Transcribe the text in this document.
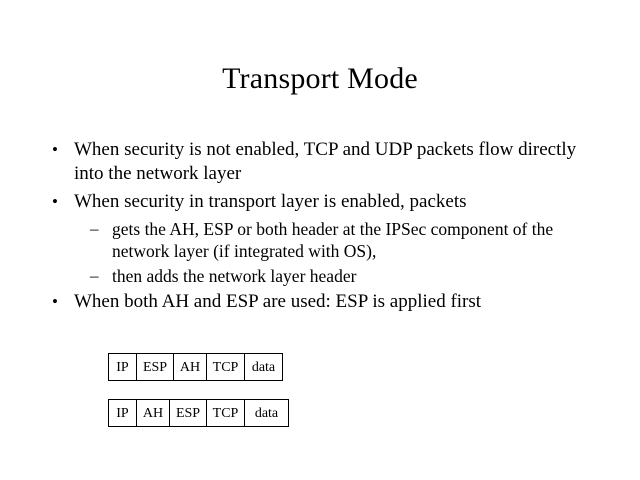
Transport Mode
• When security is not enabled, TCP and UDP packets flow directly into the network layer
• When security in transport layer is enabled, packets
– gets the AH, ESP or both header at the IPSec component of the network layer (if integrated with OS),
– then adds the network layer header
• When both AH and ESP are used: ESP is applied first
IP	ESP AH TCP data
IP	AH ESP TCP	data
